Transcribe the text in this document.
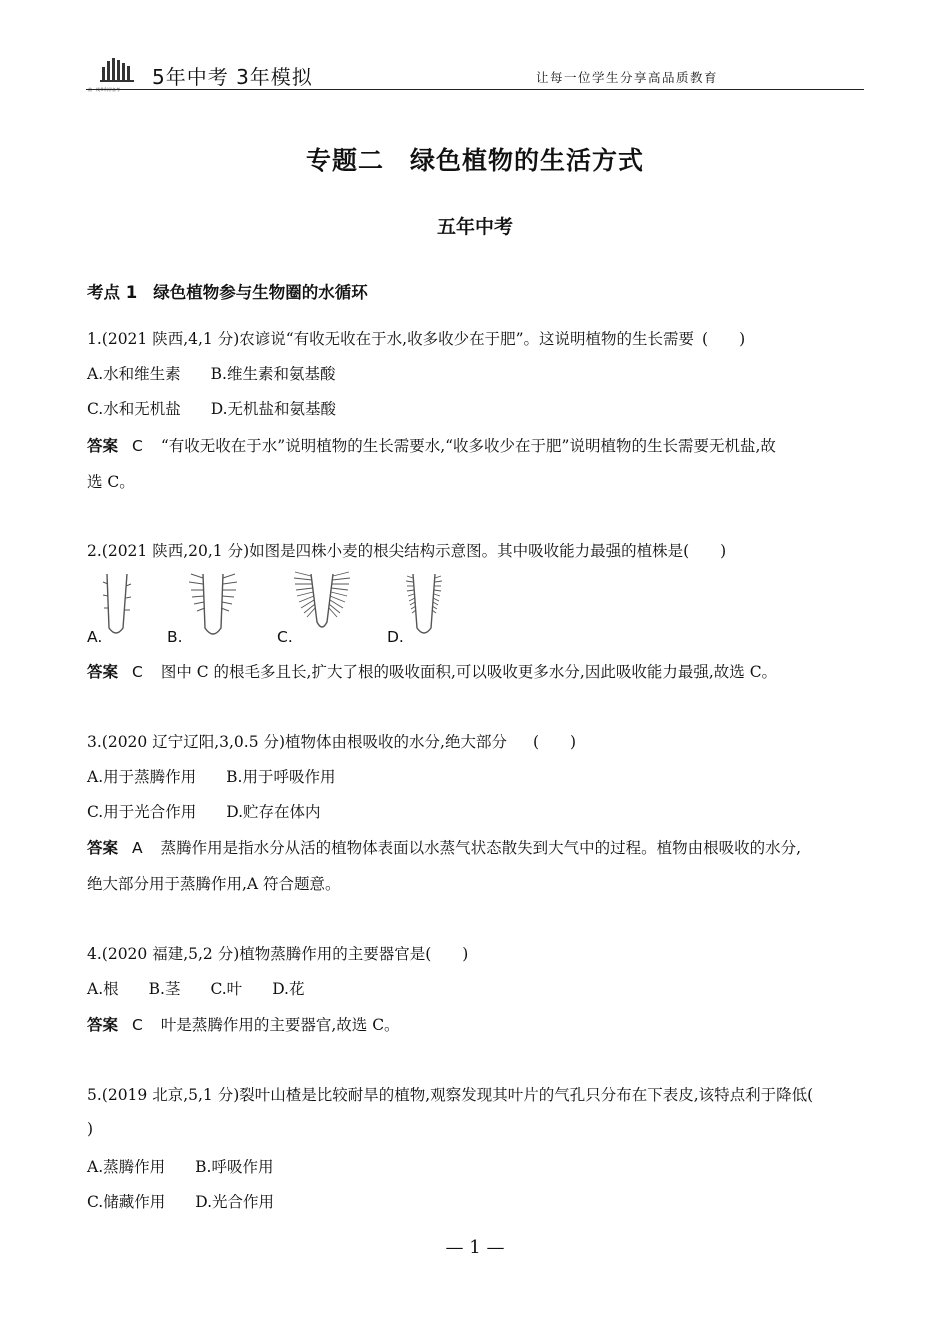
曲一线®科学备考
5年中考 3年模拟	让每一位学生分享高品质教育
专题二　绿色植物的生活方式
五年中考
考点 1 绿色植物参与生物圈的水循环
1.(2021 陕西,4,1 分)农谚说“有收无收在于水,收多收少在于肥”。这说明植物的生长需要 (　　)
A.水和维生素 B.维生素和氨基酸
C.水和无机盐 D.无机盐和氨基酸
答案 C “有收无收在于水”说明植物的生长需要水,“收多收少在于肥”说明植物的生长需要无机盐,故
选 C。
2.(2021 陕西,20,1 分)如图是四株小麦的根尖结构示意图。其中吸收能力最强的植株是(　　)
A.	B.	C.	D.
答案 C 图中 C 的根毛多且长,扩大了根的吸收面积,可以吸收更多水分,因此吸收能力最强,故选 C。
3.(2020 辽宁辽阳,3,0.5 分)植物体由根吸收的水分,绝大部分 (　　)
A.用于蒸腾作用 B.用于呼吸作用
C.用于光合作用 D.贮存在体内
答案 A 蒸腾作用是指水分从活的植物体表面以水蒸气状态散失到大气中的过程。植物由根吸收的水分,
绝大部分用于蒸腾作用,A 符合题意。
4.(2020 福建,5,2 分)植物蒸腾作用的主要器官是(　　)
A.根 B.茎 C.叶 D.花
答案 C 叶是蒸腾作用的主要器官,故选 C。
5.(2019 北京,5,1 分)裂叶山楂是比较耐旱的植物,观察发现其叶片的气孔只分布在下表皮,该特点利于降低(
)
A.蒸腾作用 B.呼吸作用
C.储藏作用 D.光合作用
— 1 —
